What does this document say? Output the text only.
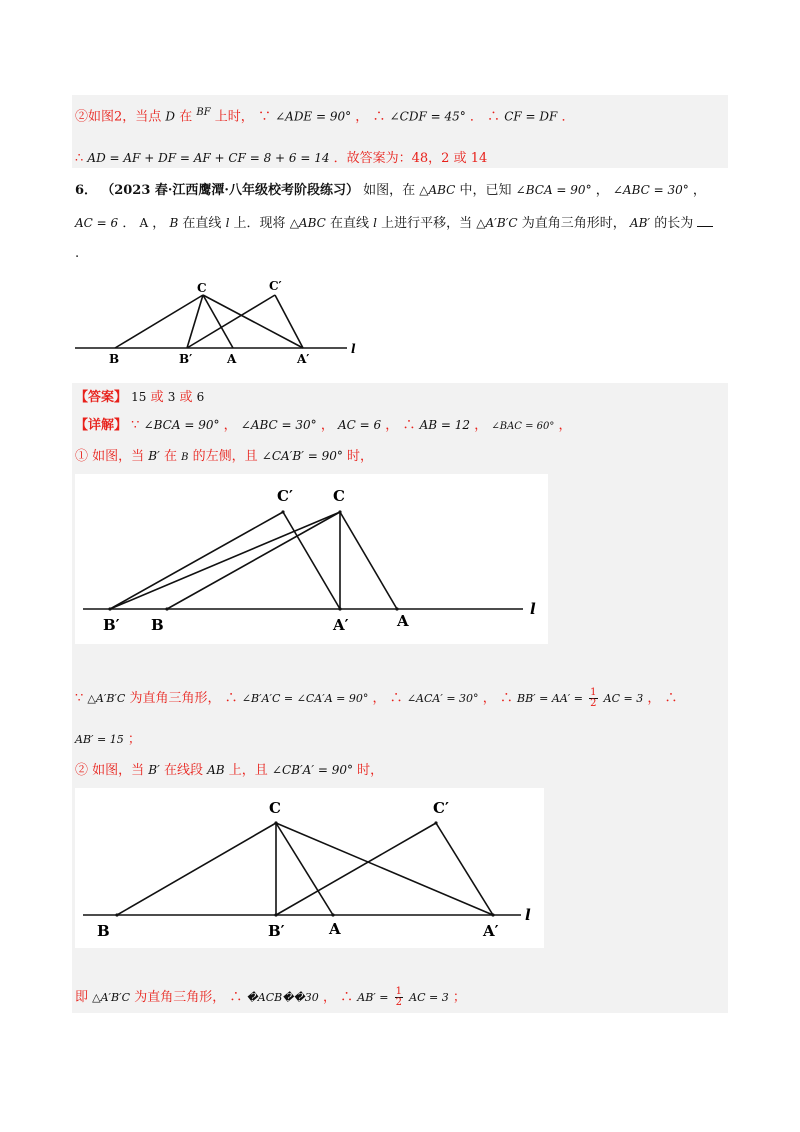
②如图2，当点 D 在 $^{BF}$ 上时， ∵ ∠ADE = 90° ， ∴ ∠CDF = 45° ． ∴ CF = DF ．
∴ AD = AF + DF = AF + CF = 8 + 6 = 14 ．故答案为：48，2 或 14
6． （2023 春·江西鹰潭·八年级校考阶段练习） 如图，在 △ABC 中，已知 ∠BCA = 90° ， ∠ABC = 30° ，
AC = 6 ． A ， B 在直线 l 上．现将 △ABC 在直线 l 上进行平移，当 △A′B′C 为直角三角形时， AB′ 的长为
.
C	C′
B	B′	A	A′
l
【答案】 15 或 3 或 6
【详解】 ∵ ∠BCA = 90° ， ∠ABC = 30° ， AC = 6 ， ∴ AB = 12 ， ∠BAC = 60° ，
① 如图，当 B′ 在 B 的左侧，且 ∠CA′B′ = 90° 时，
C′	C
B′ B	A′	A
l
∵ △A′B′C 为直角三角形， ∴ ∠B′A′C = ∠CA′A = 90° ， ∴ ∠ACA′ = 30° ， ∴ $BB' = AA' = \frac{1}{2}$ AC = 3 ， ∴
AB′ = 15 ；
② 如图，当 B′ 在线段 AB 上，且 ∠CB′A′ = 90° 时，
C	C′
B	B′	A	A′
l
即 △A′B′C 为直角三角形， ∴ �ACB��30 ， ∴ $AB' = \frac{1}{2}$ AC = 3 ；
